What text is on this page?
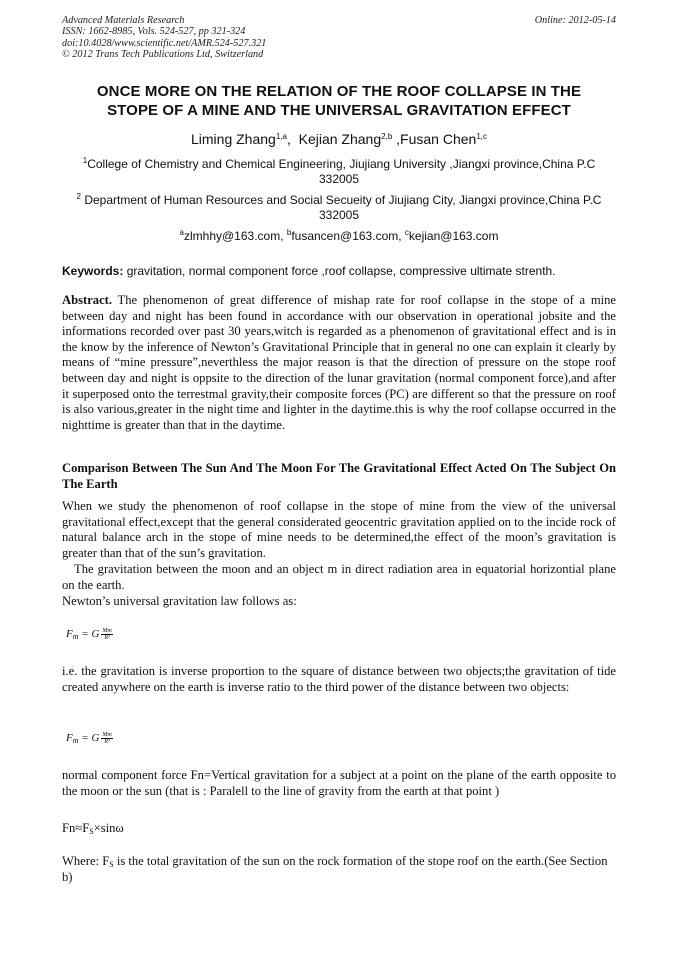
Advanced Materials Research
ISSN: 1662-8985, Vols. 524-527, pp 321-324
doi:10.4028/www.scientific.net/AMR.524-527.321
© 2012 Trans Tech Publications Ltd, Switzerland
Online: 2012-05-14
ONCE MORE ON THE RELATION OF THE ROOF COLLAPSE IN THE
STOPE OF A MINE AND THE UNIVERSAL GRAVITATION EFFECT
Liming Zhang$^{1,a}$,  Kejian Zhang$^{2,b}$ ,Fusan Chen$^{1,c}$
$^1$College of Chemistry and Chemical Engineering, Jiujiang University ,Jiangxi province,China P.C
332005
$^2$ Department of Human Resources and Social Secueity of Jiujiang City, Jiangxi province,China P.C
332005
$^a$zlmhhy@163.com, $^b$fusancen@163.com, $^c$kejian@163.com
Keywords: gravitation, normal component force ,roof collapse, compressive ultimate strenth.
Abstract. The phenomenon of great difference of mishap rate for roof collapse in the stope of a mine between day and night has been found in accordance with our observation in operational jobsite and the informations recorded over past 30 years,witch is regarded as a phenomenon of gravitational effect and is in the know by the inference of Newton’s Gravitational Principle that in general no one can explain it clearly by means of “mine pressure”,neverthless the major reason is that the direction of pressure on the stope roof between day and night is oppsite to the direction of the lunar gravitation (normal component force),and after it superposed onto the terrestmal gravity,their composite forces (PC) are different so that the pressure on roof is also various,greater in the night time and lighter in the daytime.this is why the roof collapse occurred in the nighttime is greater than that in the daytime.
Comparison Between The Sun And The Moon For The Gravitational Effect Acted On The Subject On The Earth
When we study the phenomenon of roof collapse in the stope of mine from the view of the universal gravitational effect,except that the general considerated geocentric gravitation applied on to the incide rock of natural balance arch in the stope of mine needs to be determined,the effect of the moon’s gravitation is greater than that of the sun’s gravitation.
The gravitation between the moon and an object m in direct radiation area in equatorial horizontial plane on the earth.
Newton’s universal gravitation law follows as:
$F_m = G \frac{Mm}{\text{R²}}$
i.e. the gravitation is inverse proportion to the square of distance between two objects;the gravitation of tide created anywhere on the earth is inverse ratio to the third power of the distance between two objects:
$F_m = G \frac{Mm}{\text{R³}}$
normal component force Fn=Vertical gravitation for a subject at a point on the plane of the earth opposite to the moon or the sun (that is : Paralell to the line of gravity from the earth at that point )
$Fn\approx F_S\times\sin\omega$
Where: $F_S$ is the total gravitation of the sun on the rock formation of the stope roof on the earth.(See Section b)
